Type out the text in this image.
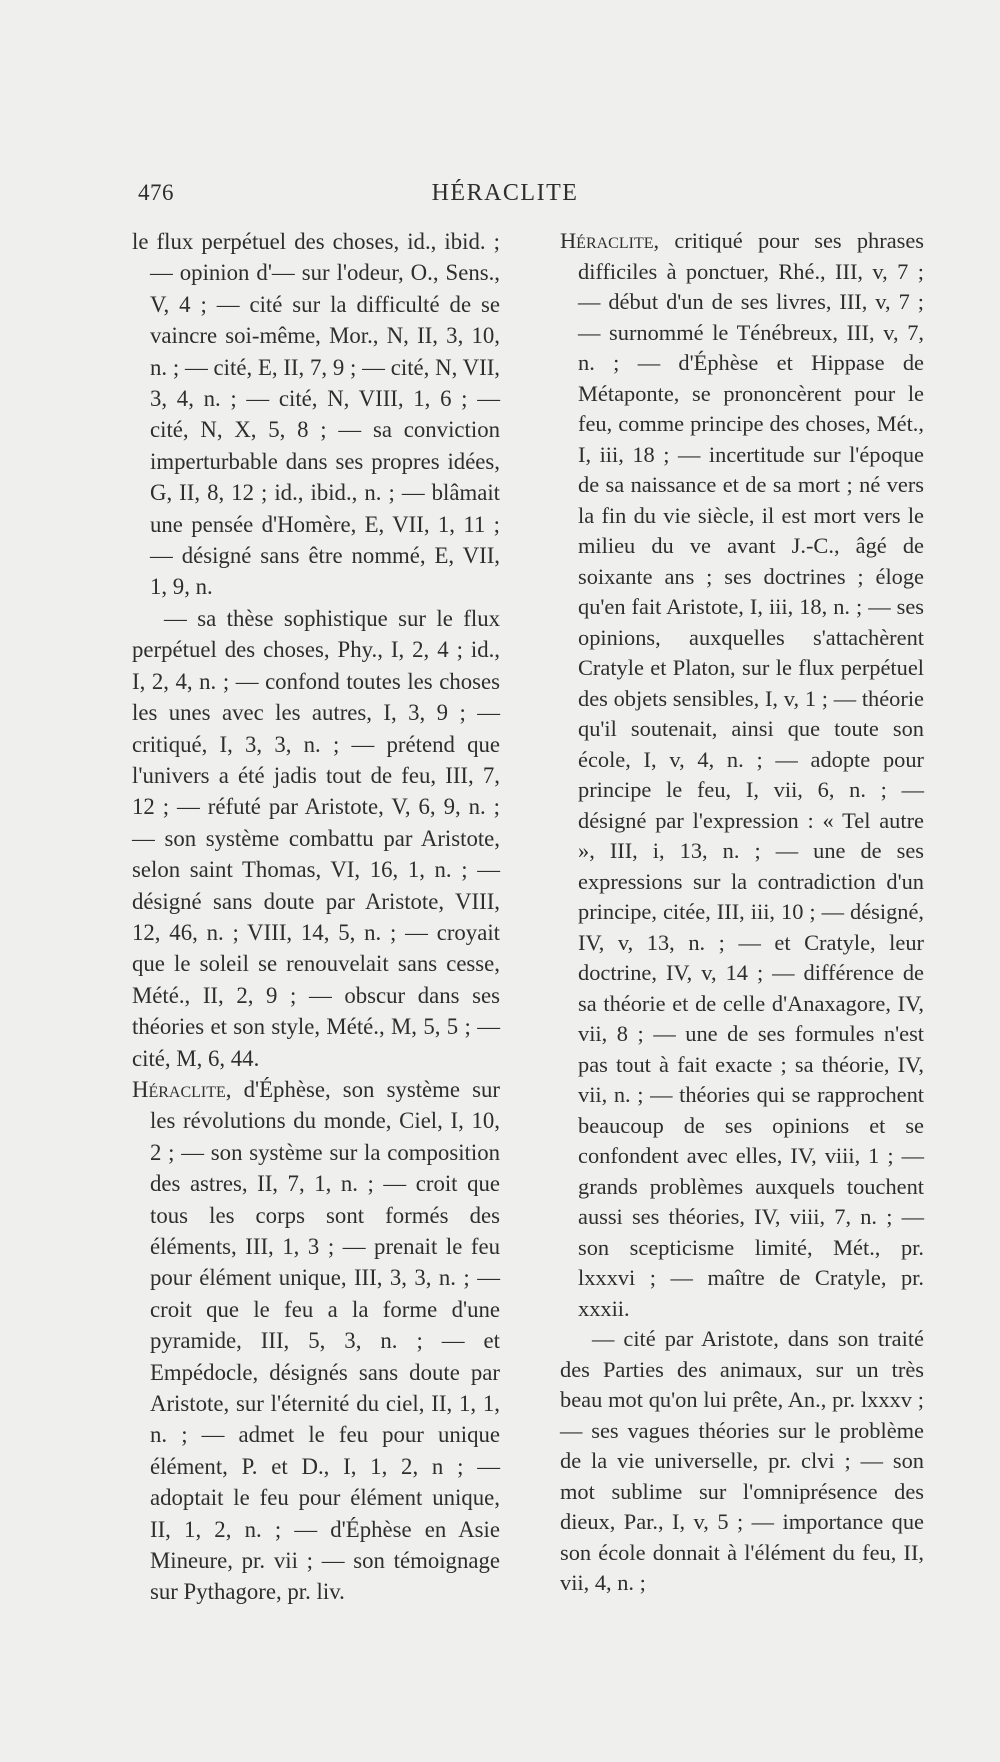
476	HÉRACLITE

le flux perpétuel des choses, id., ibid. ; — opinion d'— sur l'odeur, O., Sens., V, 4 ; — cité sur la difficulté de se vaincre soi-même, Mor., N, II, 3, 10, n. ; — cité, E, II, 7, 9 ; — cité, N, VII, 3, 4, n. ; — cité, N, VIII, 1, 6 ; — cité, N, X, 5, 8 ; — sa conviction imperturbable dans ses propres idées, G, II, 8, 12 ; id., ibid., n. ; — blâmait une pensée d'Homère, E, VII, 1, 11 ; — désigné sans être nommé, E, VII, 1, 9, n.

— sa thèse sophistique sur le flux perpétuel des choses, Phy., I, 2, 4 ; id., I, 2, 4, n. ; — confond toutes les choses les unes avec les autres, I, 3, 9 ; — critiqué, I, 3, 3, n. ; — prétend que l'univers a été jadis tout de feu, III, 7, 12 ; — réfuté par Aristote, V, 6, 9, n. ; — son système combattu par Aristote, selon saint Thomas, VI, 16, 1, n. ; — désigné sans doute par Aristote, VIII, 12, 46, n. ; VIII, 14, 5, n. ; — croyait que le soleil se renouvelait sans cesse, Mété., II, 2, 9 ; — obscur dans ses théories et son style, Mété., M, 5, 5 ; — cité, M, 6, 44.

Héraclite, d'Éphèse, son système sur les révolutions du monde, Ciel, I, 10, 2 ; — son système sur la composition des astres, II, 7, 1, n. ; — croit que tous les corps sont formés des éléments, III, 1, 3 ; — prenait le feu pour élément unique, III, 3, 3, n. ; — croit que le feu a la forme d'une pyramide, III, 5, 3, n. ; — et Empédocle, désignés sans doute par Aristote, sur l'éternité du ciel, II, 1, 1, n. ; — admet le feu pour unique élément, P. et D., I, 1, 2, n ; — adoptait le feu pour élément unique, II, 1, 2, n. ; — d'Éphèse en Asie Mineure, pr. vii ; — son témoignage sur Pythagore, pr. liv.

Héraclite, critiqué pour ses phrases difficiles à ponctuer, Rhé., III, v, 7 ; — début d'un de ses livres, III, v, 7 ; — surnommé le Ténébreux, III, v, 7, n. ; — d'Éphèse et Hippase de Métaponte, se prononcèrent pour le feu, comme principe des choses, Mét., I, iii, 18 ; — incertitude sur l'époque de sa naissance et de sa mort ; né vers la fin du vie siècle, il est mort vers le milieu du ve avant J.-C., âgé de soixante ans ; ses doctrines ; éloge qu'en fait Aristote, I, iii, 18, n. ; — ses opinions, auxquelles s'attachèrent Cratyle et Platon, sur le flux perpétuel des objets sensibles, I, v, 1 ; — théorie qu'il soutenait, ainsi que toute son école, I, v, 4, n. ; — adopte pour principe le feu, I, vii, 6, n. ; — désigné par l'expression : « Tel autre », III, i, 13, n. ; — une de ses expressions sur la contradiction d'un principe, citée, III, iii, 10 ; — désigné, IV, v, 13, n. ; — et Cratyle, leur doctrine, IV, v, 14 ; — différence de sa théorie et de celle d'Anaxagore, IV, vii, 8 ; — une de ses formules n'est pas tout à fait exacte ; sa théorie, IV, vii, n. ; — théories qui se rapprochent beaucoup de ses opinions et se confondent avec elles, IV, viii, 1 ; — grands problèmes auxquels touchent aussi ses théories, IV, viii, 7, n. ; — son scepticisme limité, Mét., pr. lxxxvi ; — maître de Cratyle, pr. xxxii.

— cité par Aristote, dans son traité des Parties des animaux, sur un très beau mot qu'on lui prête, An., pr. lxxxv ; — ses vagues théories sur le problème de la vie universelle, pr. clvi ; — son mot sublime sur l'omniprésence des dieux, Par., I, v, 5 ; — importance que son école donnait à l'élément du feu, II, vii, 4, n. ;
